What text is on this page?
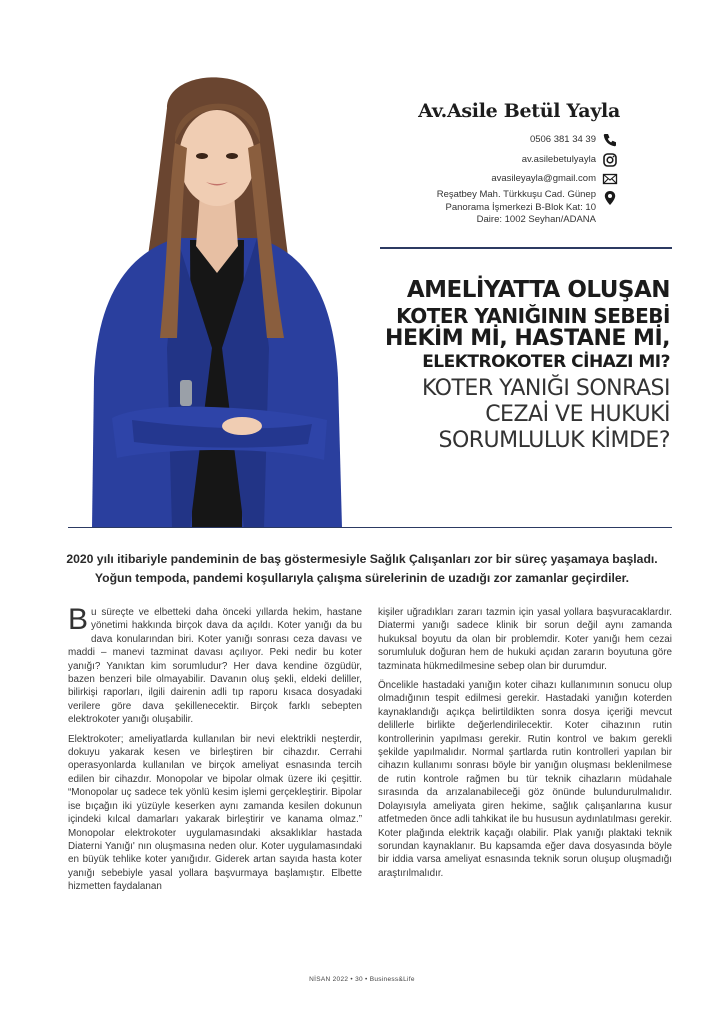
Av.Asile Betül Yayla
0506 381 34 39
av.asilebetulyayla
avasileyayla@gmail.com
Reşatbey Mah. Türkkuşu Cad. Günep
Panorama İşmerkezi B-Blok Kat: 10
Daire: 1002 Seyhan/ADANA
AMELİYATTA OLUŞAN
KOTER YANIĞININ SEBEBİ
HEKİM Mİ, HASTANE Mİ,
ELEKTROKOTER CİHAZI MI?
KOTER YANIĞI SONRASI
CEZAİ VE HUKUKİ
SORUMLULUK KİMDE?
2020 yılı itibariyle pandeminin de baş göstermesiyle Sağlık Çalışanları zor bir süreç yaşamaya başladı.
Yoğun tempoda, pandemi koşullarıyla çalışma sürelerinin de uzadığı zor zamanlar geçirdiler.

Bu süreçte ve elbetteki daha önceki yıllarda hekim, hastane yönetimi hakkında birçok dava da açıldı. Koter yanığı da bu dava konularından biri. Koter yanığı sonrası ceza davası ve maddi – manevi tazminat davası açılıyor. Peki nedir bu koter yanığı? Yanıktan kim sorumludur? Her dava kendine özgüdür, bazen benzeri bile olmayabilir. Davanın oluş şekli, eldeki deliller, bilirkişi raporları, ilgili dairenin adli tıp raporu kısaca dosyadaki verilere göre dava şekillenecektir. Birçok farklı sebepten elektrokoter yanığı oluşabilir.

Elektrokoter; ameliyatlarda kullanılan bir nevi elektrikli neşterdir, dokuyu yakarak kesen ve birleştiren bir cihazdır. Cerrahi operasyonlarda kullanılan ve birçok ameliyat esnasında tercih edilen bir cihazdır. Monopolar ve bipolar olmak üzere iki çeşittir. “Monopolar uç sadece tek yönlü kesim işlemi gerçekleştirir. Bipolar ise bıçağın iki yüzüyle keserken aynı zamanda kesilen dokunun içindeki kılcal damarları yakarak birleştirir ve kanama olmaz.” Monopolar elektrokoter uygulamasındaki aksaklıklar hastada Diaterni Yanığı' nın oluşmasına neden olur. Koter uygulamasındaki en büyük tehlike koter yanığıdır. Giderek artan sayıda hasta koter yanığı sebebiyle yasal yollara başvurmaya başlamıştır. Elbette hizmetten faydalanan

kişiler uğradıkları zararı tazmin için yasal yollara başvuracaklardır. Diatermi yanığı sadece klinik bir sorun değil aynı zamanda hukuksal boyutu da olan bir problemdir. Koter yanığı hem cezai sorumluluk doğuran hem de hukuki açıdan zararın boyutuna göre tazminata hükmedilmesine sebep olan bir durumdur.

Öncelikle hastadaki yanığın koter cihazı kullanımının sonucu olup olmadığının tespit edilmesi gerekir. Hastadaki yanığın koterden kaynaklandığı açıkça belirtildikten sonra dosya içeriği mevcut delillerle birlikte değerlendirilecektir. Koter cihazının rutin kontrollerinin yapılması gerekir. Rutin kontrol ve bakım gerekli şekilde yapılmalıdır. Normal şartlarda rutin kontrolleri yapılan bir cihazın kullanımı sonrası böyle bir yanığın oluşması beklenilmese de rutin kontrole rağmen bu tür teknik cihazların müdahale sırasında da arızalanabileceği göz önünde bulundurulmalıdır. Dolayısıyla ameliyata giren hekime, sağlık çalışanlarına kusur atfetmeden önce adli tahkikat ile bu hususun aydınlatılması gerekir. Koter plağında elektrik kaçağı olabilir. Plak yanığı plaktaki teknik sorundan kaynaklanır. Bu kapsamda eğer dava dosyasında böyle bir iddia varsa ameliyat esnasında teknik sorun oluşup oluşmadığı araştırılmalıdır.

NİSAN 2022 • 30 • Business&Life
